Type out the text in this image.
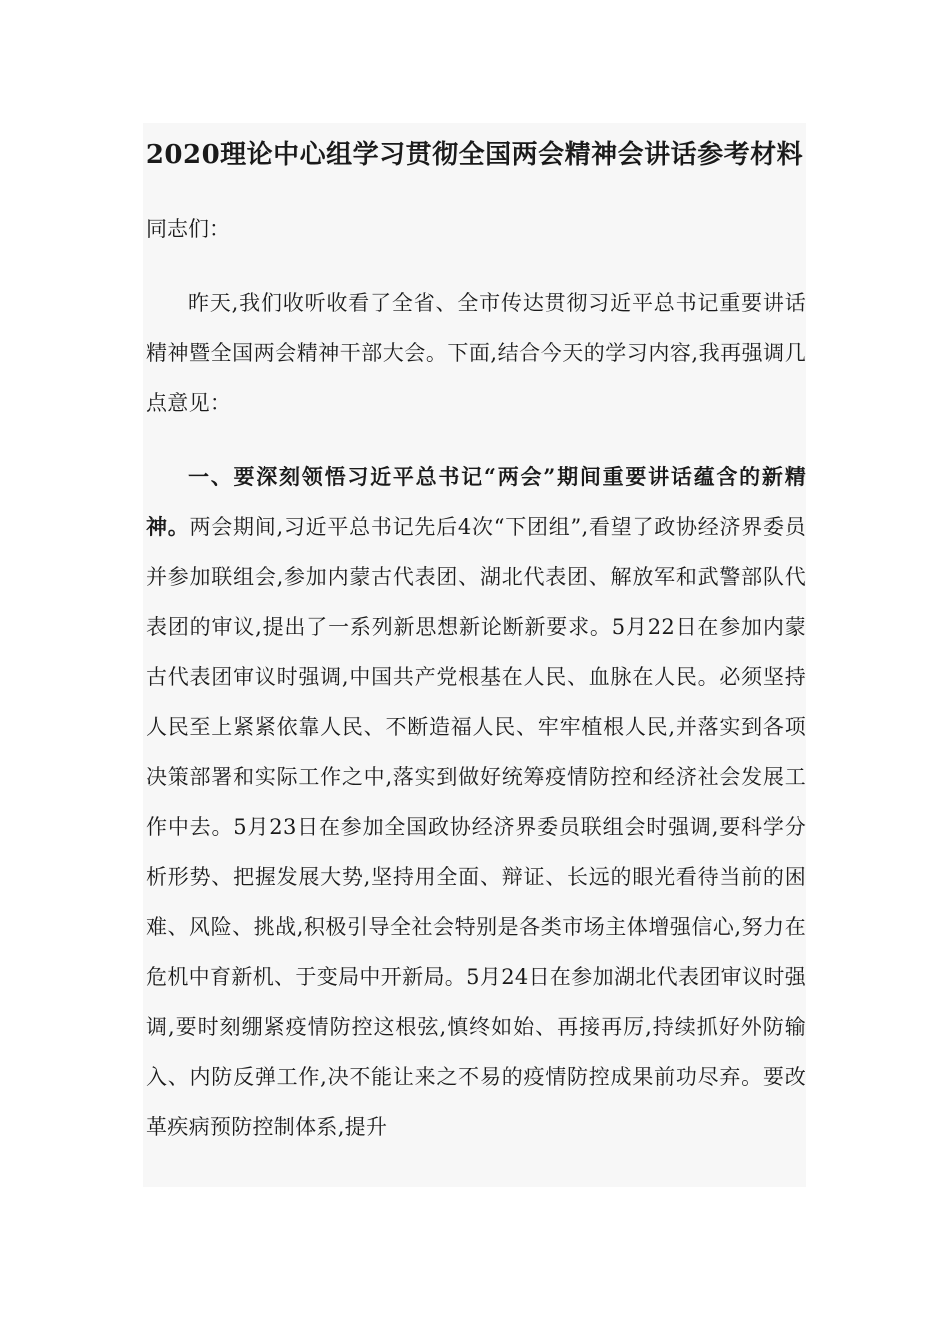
2020理论中心组学习贯彻全国两会精神会讲话参考材料

同志们：

昨天,我们收听收看了全省、全市传达贯彻习近平总书记重要讲话精神暨全国两会精神干部大会。下面,结合今天的学习内容,我再强调几点意见：

一、要深刻领悟习近平总书记“两会”期间重要讲话蕴含的新精神。两会期间,习近平总书记先后4次“下团组”,看望了政协经济界委员并参加联组会,参加内蒙古代表团、湖北代表团、解放军和武警部队代表团的审议,提出了一系列新思想新论断新要求。5月22日在参加内蒙古代表团审议时强调,中国共产党根基在人民、血脉在人民。必须坚持人民至上紧紧依靠人民、不断造福人民、牢牢植根人民,并落实到各项决策部署和实际工作之中,落实到做好统筹疫情防控和经济社会发展工作中去。5月23日在参加全国政协经济界委员联组会时强调,要科学分析形势、把握发展大势,坚持用全面、辩证、长远的眼光看待当前的困难、风险、挑战,积极引导全社会特别是各类市场主体增强信心,努力在危机中育新机、于变局中开新局。5月24日在参加湖北代表团审议时强调,要时刻绷紧疫情防控这根弦,慎终如始、再接再厉,持续抓好外防输入、内防反弹工作,决不能让来之不易的疫情防控成果前功尽弃。要改革疾病预防控制体系,提升
